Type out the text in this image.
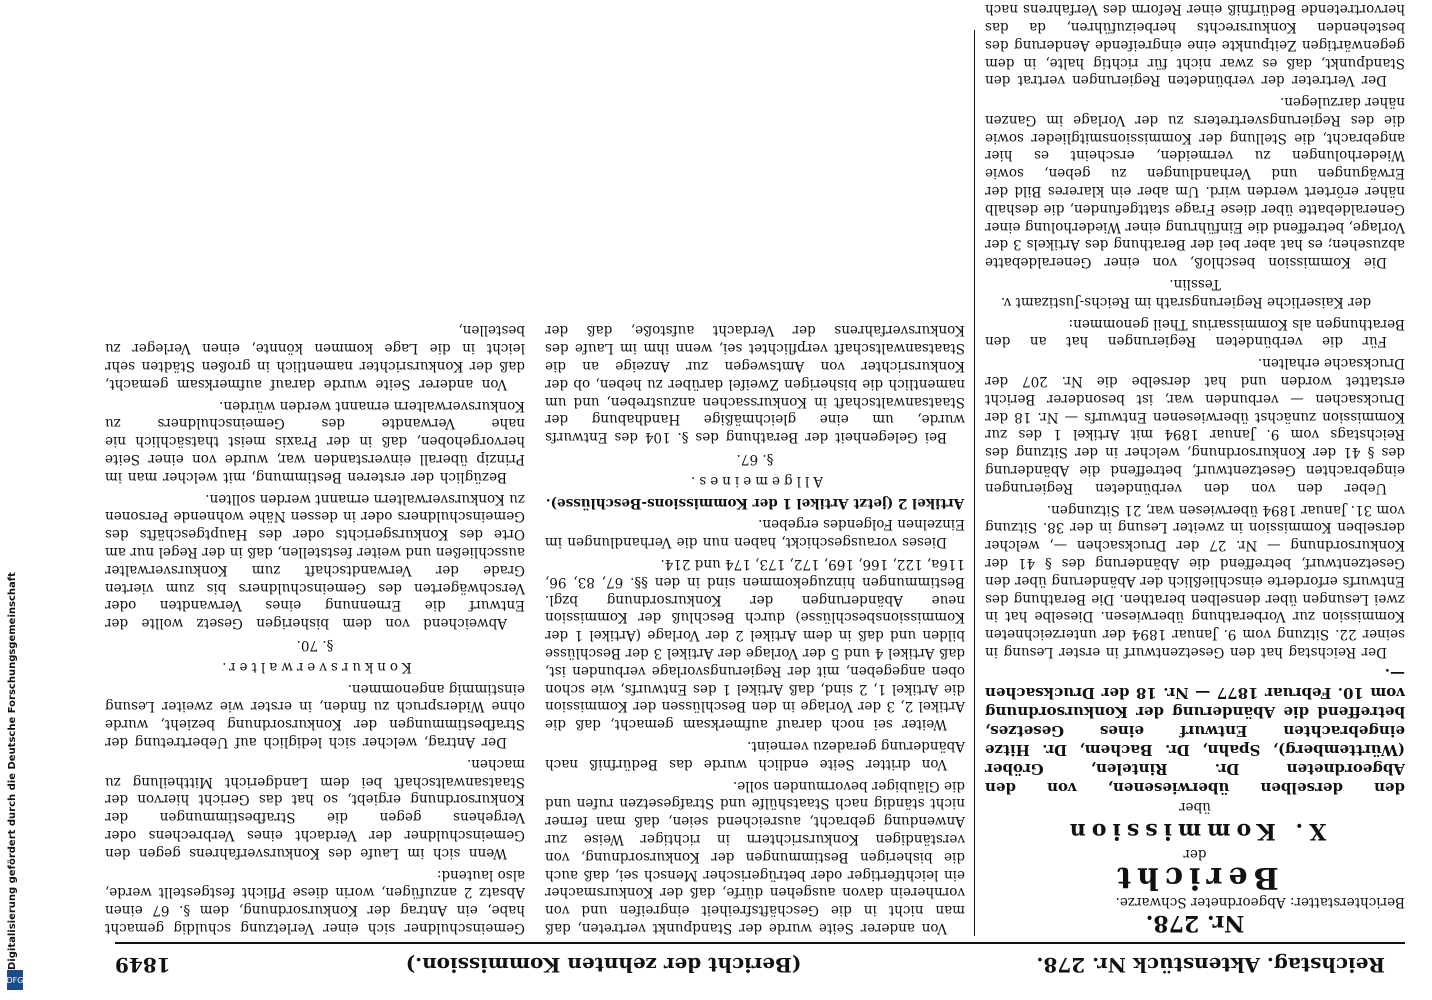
Digitalisierung gefördert durch die Deutsche Forschungsgemeinschaft
DFG
Reichstag. Aktenstück Nr. 278.
(Bericht der zehnten Kommission.)
1849
Nr. 278.

Berichterstatter: Abgeordneter Schwarze.

Bericht
der
X. Kommission
über

den derselben überwiesenen, von den Abgeordneten Dr. Rintelen, Gröber (Württemberg), Spahn, Dr. Bachem, Dr. Hitze eingebrachten Entwurf eines Gesetzes, betreffend die Abänderung der Konkursordnung vom 10. Februar 1877 — Nr. 18 der Drucksachen —.

Der Reichstag hat den Gesetzentwurf in erster Lesung in seiner 22. Sitzung vom 9. Januar 1894 der unterzeichneten Kommission zur Vorberathung überwiesen. Dieselbe hat in zwei Lesungen über denselben berathen. Die Berathung des Entwurfs erforderte einschließlich der Abänderung über den Gesetzentwurf, betreffend die Abänderung des § 41 der Konkursordnung — Nr. 27 der Drucksachen —, welcher derselben Kommission in zweiter Lesung in der 38. Sitzung vom 31. Januar 1894 überwiesen war, 21 Sitzungen.

Ueber den von den verbündeten Regierungen eingebrachten Gesetzentwurf, betreffend die Abänderung des § 41 der Konkursordnung, welcher in der Sitzung des Reichstags vom 9. Januar 1894 mit Artikel 1 des zur Kommission zunächst überwiesenen Entwurfs — Nr. 18 der Drucksachen — verbunden war, ist besonderer Bericht erstattet worden und hat derselbe die Nr. 207 der Drucksache erhalten.

Für die verbündeten Regierungen hat an den Berathungen als Kommissarius Theil genommen:

der Kaiserliche Regierungsrath im Reichs-Justizamt v. Tesslin.

Die Kommission beschloß, von einer Generaldebatte abzusehen; es hat aber bei der Berathung des Artikels 3 der Vorlage, betreffend die Einführung einer Wiederholung einer Generaldebatte über diese Frage stattgefunden, die deshalb näher erörtert werden wird. Um aber ein klareres Bild der Erwägungen und Verhandlungen zu geben, sowie Wiederholungen zu vermeiden, erscheint es hier angebracht, die Stellung der Kommissionsmitglieder sowie die des Regierungsvertreters zu der Vorlage im Ganzen näher darzulegen.

Der Vertreter der verbündeten Regierungen vertrat den Standpunkt, daß es zwar nicht für richtig halte, in dem gegenwärtigen Zeitpunkte eine eingreifende Aenderung des bestehenden Konkursrechts herbeizuführen, da das hervortretende Bedürfniß einer Reform des Verfahrens nach

Von anderer Seite wurde der Standpunkt vertreten, daß man nicht in die Geschäftsfreiheit eingreifen und von vornherein davon ausgehen dürfe, daß der Konkursmacher ein leichtfertiger oder betrügerischer Mensch sei, daß auch die bisherigen Bestimmungen der Konkursordnung, von verständigen Konkursrichtern in richtiger Weise zur Anwendung gebracht, ausreichend seien, daß man ferner nicht ständig nach Staatshülfe und Strafgesetzen rufen und die Gläubiger bevormunden solle.

Von dritter Seite endlich wurde das Bedürfniß nach Abänderung geradezu verneint.

Weiter sei noch darauf aufmerksam gemacht, daß die Artikel 2, 3 der Vorlage in den Beschlüssen der Kommission die Artikel 1, 2 sind, daß Artikel 1 des Entwurfs, wie schon oben angegeben, mit der Regierungsvorlage verbunden ist, daß Artikel 4 und 5 der Vorlage der Artikel 3 der Beschlüsse bilden und daß in dem Artikel 2 der Vorlage (Artikel 1 der Kommissionsbeschlüsse) durch Beschluß der Kommission neue Abänderungen der Konkursordnung bzgl. Bestimmungen hinzugekommen sind in den §§. 67, 83, 96, 116a, 122, 166, 169, 172, 173, 174 und 214.

Dieses vorausgeschickt, haben nun die Verhandlungen im Einzelnen Folgendes ergeben.

Artikel 2 (jetzt Artikel 1 der Kommissions-Beschlüsse).

Allgemeines.

§. 67.

Bei Gelegenheit der Berathung des §. 104 des Entwurfs wurde, um eine gleichmäßige Handhabung der Staatsanwaltschaft in Konkurssachen anzustreben, und um namentlich die bisherigen Zweifel darüber zu heben, ob der Konkursrichter von Amtswegen zur Anzeige an die Staatsanwaltschaft verpflichtet sei, wenn ihm im Laufe des Konkursverfahrens der Verdacht aufstoße, daß der Gemeinschuldner sich einer Verletzung schuldig gemacht habe, ein Antrag der Konkursordnung, dem §. 67 einen Absatz 2 anzufügen, worin diese Pflicht festgestellt werde, also lautend:

Wenn sich im Laufe des Konkursverfahrens gegen den Gemeinschuldner der Verdacht eines Verbrechens oder Vergehens gegen die Strafbestimmungen der Konkursordnung ergiebt, so hat das Gericht hiervon der Staatsanwaltschaft bei dem Landgericht Mittheilung zu machen.

Der Antrag, welcher sich lediglich auf Uebertretung der Strafbestimmungen der Konkursordnung bezieht, wurde ohne Widerspruch zu finden, in erster wie zweiter Lesung einstimmig angenommen.

Konkursverwalter.

§. 70.

Abweichend von dem bisherigen Gesetz wollte der Entwurf die Ernennung eines Verwandten oder Verschwägerten des Gemeinschuldners bis zum vierten Grade der Verwandtschaft zum Konkursverwalter ausschließen und weiter feststellen, daß in der Regel nur am Orte des Konkursgerichts oder des Hauptgeschäfts des Gemeinschuldners oder in dessen Nähe wohnende Personen zu Konkursverwaltern ernannt werden sollten.

Bezüglich der ersteren Bestimmung, mit welcher man im Prinzip überall einverstanden war, wurde von einer Seite hervorgehoben, daß in der Praxis meist thatsächlich nie nahe Verwandte des Gemeinschuldners zu Konkursverwaltern ernannt werden würden.

Von anderer Seite wurde darauf aufmerksam gemacht, daß der Konkursrichter namentlich in großen Städten sehr leicht in die Lage kommen könnte, einen Verleger zu bestellen,
